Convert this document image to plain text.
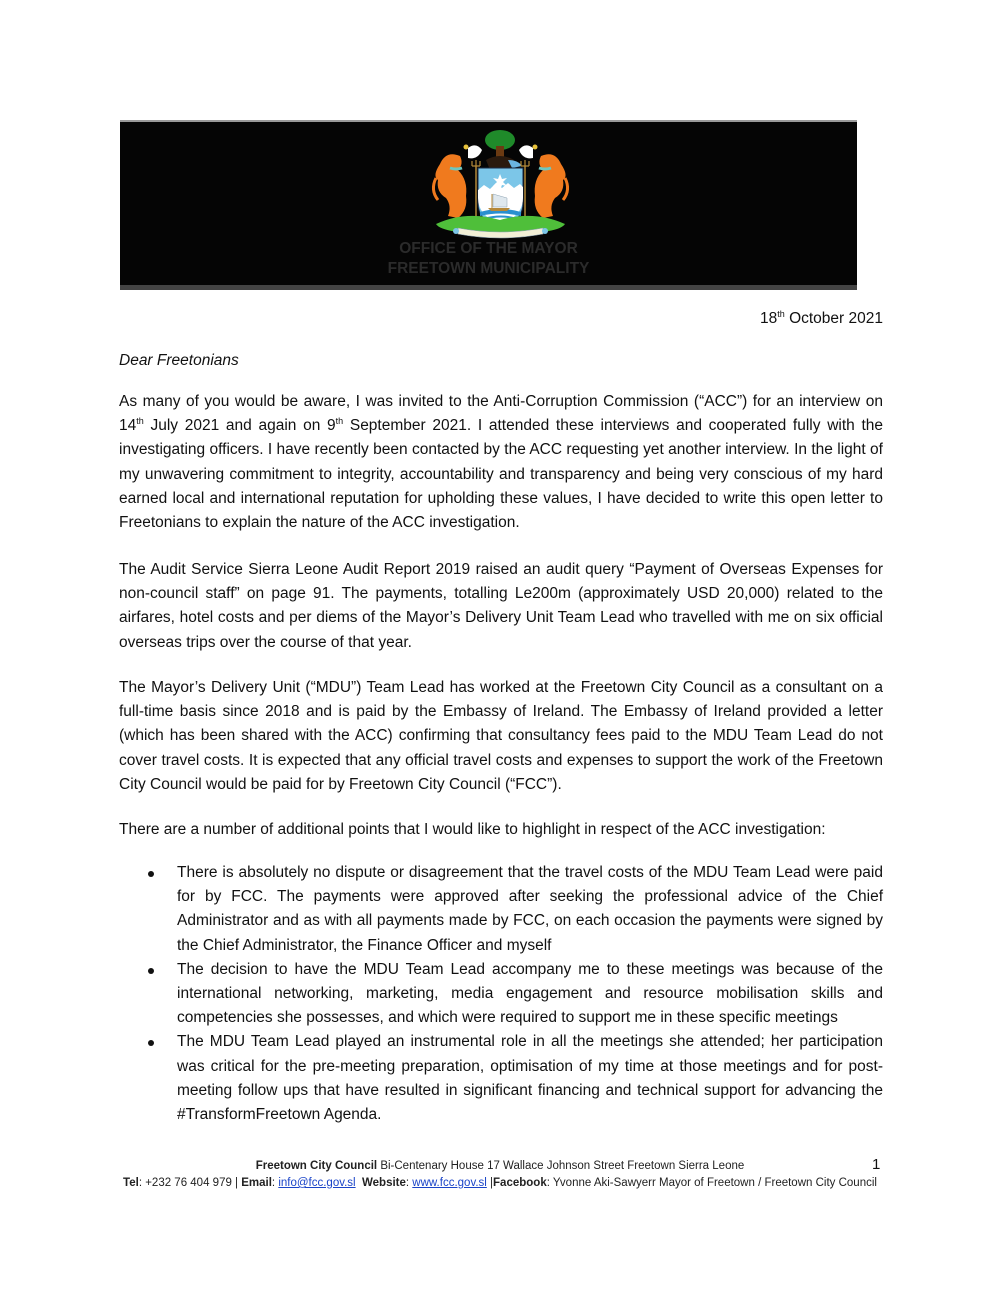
OFFICE OF THE MAYOR
FREETOWN MUNICIPALITY
18th October 2021
Dear Freetonians

As many of you would be aware, I was invited to the Anti-Corruption Commission (“ACC”) for an interview on 14th July 2021 and again on 9th September 2021. I attended these interviews and cooperated fully with the investigating officers. I have recently been contacted by the ACC requesting yet another interview. In the light of my unwavering commitment to integrity, accountability and transparency and being very conscious of my hard earned local and international reputation for upholding these values, I have decided to write this open letter to Freetonians to explain the nature of the ACC investigation.

The Audit Service Sierra Leone Audit Report 2019 raised an audit query “Payment of Overseas Expenses for non-council staff” on page 91. The payments, totalling Le200m (approximately USD 20,000) related to the airfares, hotel costs and per diems of the Mayor’s Delivery Unit Team Lead who travelled with me on six official overseas trips over the course of that year.

The Mayor’s Delivery Unit (“MDU”) Team Lead has worked at the Freetown City Council as a consultant on a full-time basis since 2018 and is paid by the Embassy of Ireland. The Embassy of Ireland provided a letter (which has been shared with the ACC) confirming that consultancy fees paid to the MDU Team Lead do not cover travel costs. It is expected that any official travel costs and expenses to support the work of the Freetown City Council would be paid for by Freetown City Council (“FCC”).

There are a number of additional points that I would like to highlight in respect of the ACC investigation:

There is absolutely no dispute or disagreement that the travel costs of the MDU Team Lead were paid for by FCC. The payments were approved after seeking the professional advice of the Chief Administrator and as with all payments made by FCC, on each occasion the payments were signed by the Chief Administrator, the Finance Officer and myself
The decision to have the MDU Team Lead accompany me to these meetings was because of the international networking, marketing, media engagement and resource mobilisation skills and competencies she possesses, and which were required to support me in these specific meetings
The MDU Team Lead played an instrumental role in all the meetings she attended; her participation was critical for the pre-meeting preparation, optimisation of my time at those meetings and for post-meeting follow ups that have resulted in significant financing and technical support for advancing the #TransformFreetown Agenda.
Freetown City Council Bi-Centenary House 17 Wallace Johnson Street Freetown Sierra Leone
Tel: +232 76 404 979 | Email: info@fcc.gov.sl Website: www.fcc.gov.sl |Facebook: Yvonne Aki-Sawyerr Mayor of Freetown / Freetown City Council
1
